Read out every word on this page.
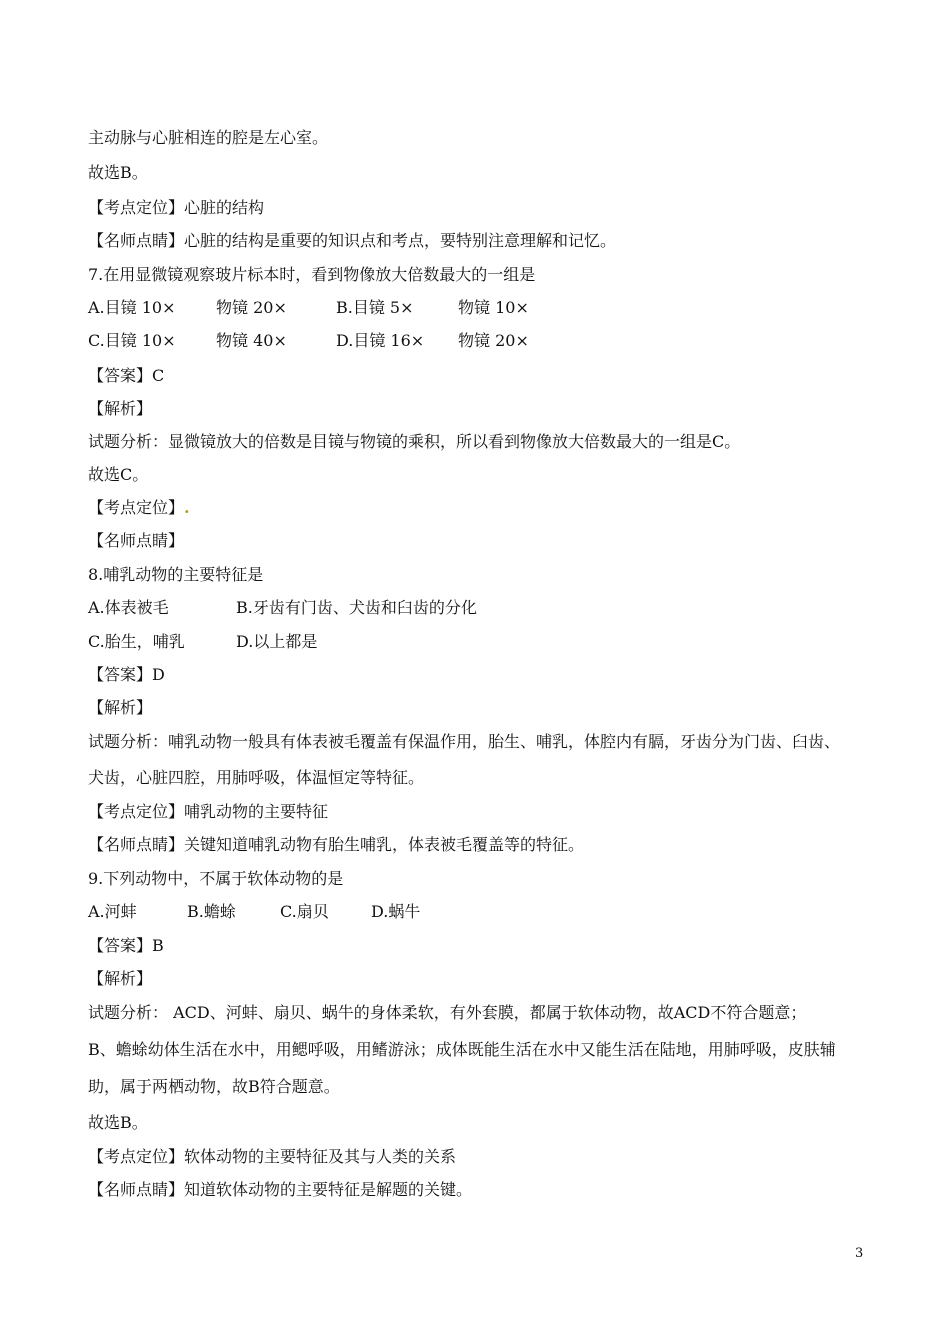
主动脉与心脏相连的腔是左心室。
故选B。
【考点定位】心脏的结构
【名师点睛】心脏的结构是重要的知识点和考点，要特别注意理解和记忆。
7.在用显微镜观察玻片标本时，看到物像放大倍数最大的一组是
A.目镜 10×	物镜 20×	B.目镜 5×	物镜 10×
C.目镜 10×	物镜 40×	D.目镜 16× 物镜 20×
【答案】C
【解析】
试题分析：显微镜放大的倍数是目镜与物镜的乘积，所以看到物像放大倍数最大的一组是C。
故选C。
【考点定位】.
【名师点睛】
8.哺乳动物的主要特征是
A.体表被毛	B.牙齿有门齿、犬齿和臼齿的分化
C.胎生，哺乳	D.以上都是
【答案】D
【解析】
试题分析：哺乳动物一般具有体表被毛覆盖有保温作用，胎生、哺乳，体腔内有膈，牙齿分为门齿、臼齿、
犬齿，心脏四腔，用肺呼吸，体温恒定等特征。
【考点定位】哺乳动物的主要特征
【名师点睛】关键知道哺乳动物有胎生哺乳，体表被毛覆盖等的特征。
9.下列动物中，不属于软体动物的是
A.河蚌	B.蟾蜍	C.扇贝	D.蜗牛
【答案】B
【解析】
试题分析： ACD、河蚌、扇贝、蜗牛的身体柔软，有外套膜，都属于软体动物，故ACD不符合题意；
B、蟾蜍幼体生活在水中，用鳃呼吸，用鳍游泳；成体既能生活在水中又能生活在陆地，用肺呼吸，皮肤辅
助，属于两栖动物，故B符合题意。
故选B。
【考点定位】软体动物的主要特征及其与人类的关系
【名师点睛】知道软体动物的主要特征是解题的关键。
3
